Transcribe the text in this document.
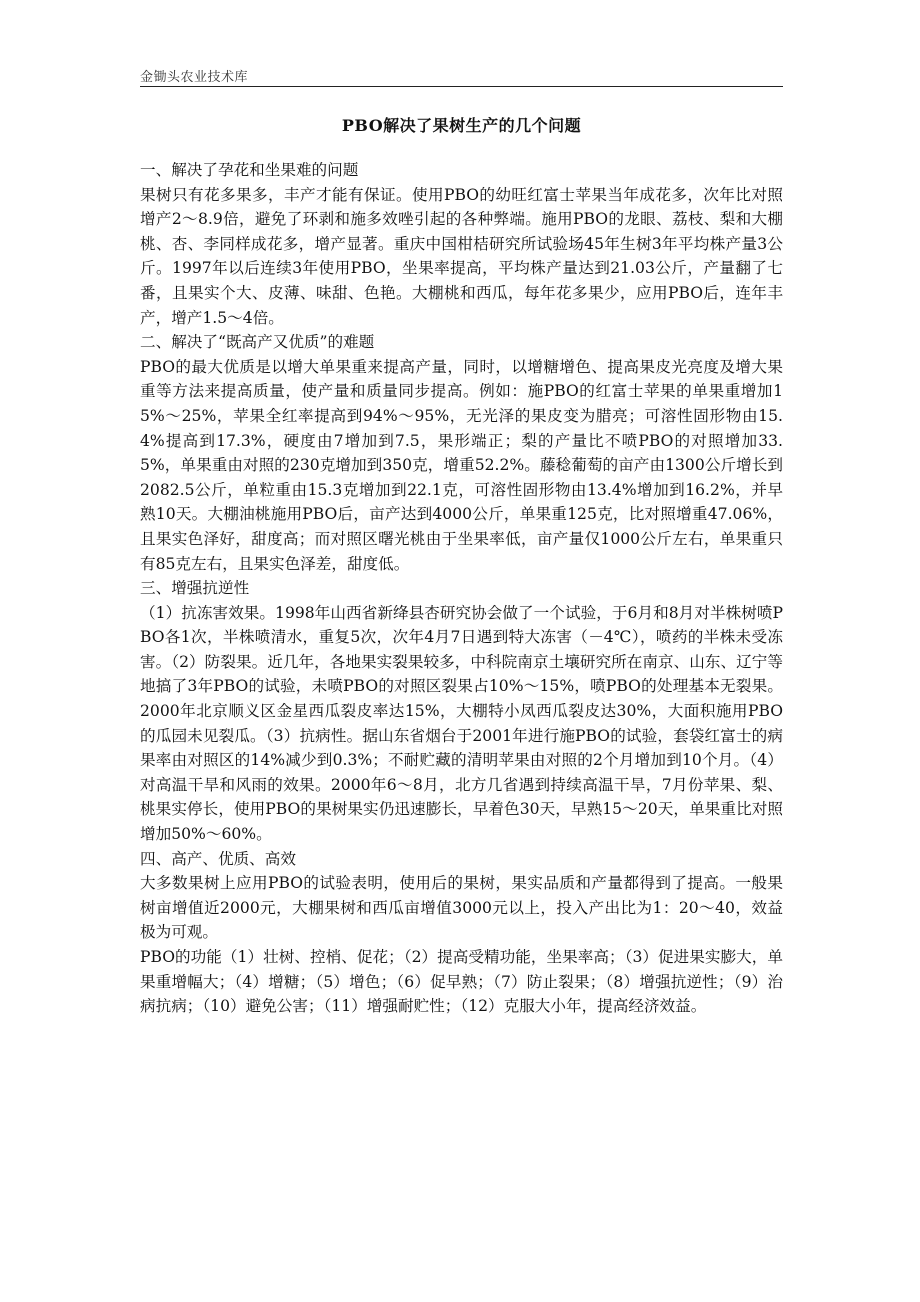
金锄头农业技术库
PBO解决了果树生产的几个问题
一、解决了孕花和坐果难的问题
果树只有花多果多，丰产才能有保证。使用PBO的幼旺红富士苹果当年成花多，次年比对照增产2～8.9倍，避免了环剥和施多效唑引起的各种弊端。施用PBO的龙眼、荔枝、梨和大棚桃、杏、李同样成花多，增产显著。重庆中国柑桔研究所试验场45年生树3年平均株产量3公斤。1997年以后连续3年使用PBO，坐果率提高，平均株产量达到21.03公斤，产量翻了七番，且果实个大、皮薄、味甜、色艳。大棚桃和西瓜，每年花多果少，应用PBO后，连年丰产，增产1.5～4倍。
二、解决了“既高产又优质”的难题
PBO的最大优质是以增大单果重来提高产量，同时，以增糖增色、提高果皮光亮度及增大果重等方法来提高质量，使产量和质量同步提高。例如：施PBO的红富士苹果的单果重增加15%～25%，苹果全红率提高到94%～95%，无光泽的果皮变为腊亮；可溶性固形物由15.4%提高到17.3%，硬度由7增加到7.5，果形端正；梨的产量比不喷PBO的对照增加33.5%，单果重由对照的230克增加到350克，增重52.2%。藤稔葡萄的亩产由1300公斤增长到2082.5公斤，单粒重由15.3克增加到22.1克，可溶性固形物由13.4%增加到16.2%，并早熟10天。大棚油桃施用PBO后，亩产达到4000公斤，单果重125克，比对照增重47.06%，且果实色泽好，甜度高；而对照区曙光桃由于坐果率低，亩产量仅1000公斤左右，单果重只有85克左右，且果实色泽差，甜度低。
三、增强抗逆性
（1）抗冻害效果。1998年山西省新绛县杏研究协会做了一个试验，于6月和8月对半株树喷PBO各1次，半株喷清水，重复5次，次年4月7日遇到特大冻害（－4℃），喷药的半株未受冻害。（2）防裂果。近几年，各地果实裂果较多，中科院南京土壤研究所在南京、山东、辽宁等地搞了3年PBO的试验，未喷PBO的对照区裂果占10%～15%，喷PBO的处理基本无裂果。2000年北京顺义区金星西瓜裂皮率达15%，大棚特小凤西瓜裂皮达30%，大面积施用PBO的瓜园未见裂瓜。（3）抗病性。据山东省烟台于2001年进行施PBO的试验，套袋红富士的病果率由对照区的14%减少到0.3%；不耐贮藏的清明苹果由对照的2个月增加到10个月。（4）对高温干旱和风雨的效果。2000年6～8月，北方几省遇到持续高温干旱，7月份苹果、梨、桃果实停长，使用PBO的果树果实仍迅速膨长，早着色30天，早熟15～20天，单果重比对照增加50%～60%。
四、高产、优质、高效
大多数果树上应用PBO的试验表明，使用后的果树，果实品质和产量都得到了提高。一般果树亩增值近2000元，大棚果树和西瓜亩增值3000元以上，投入产出比为1：20～40，效益极为可观。
PBO的功能（1）壮树、控梢、促花；（2）提高受精功能，坐果率高；（3）促进果实膨大，单果重增幅大；（4）增糖；（5）增色；（6）促早熟；（7）防止裂果；（8）增强抗逆性；（9）治病抗病；（10）避免公害；（11）增强耐贮性；（12）克服大小年，提高经济效益。
